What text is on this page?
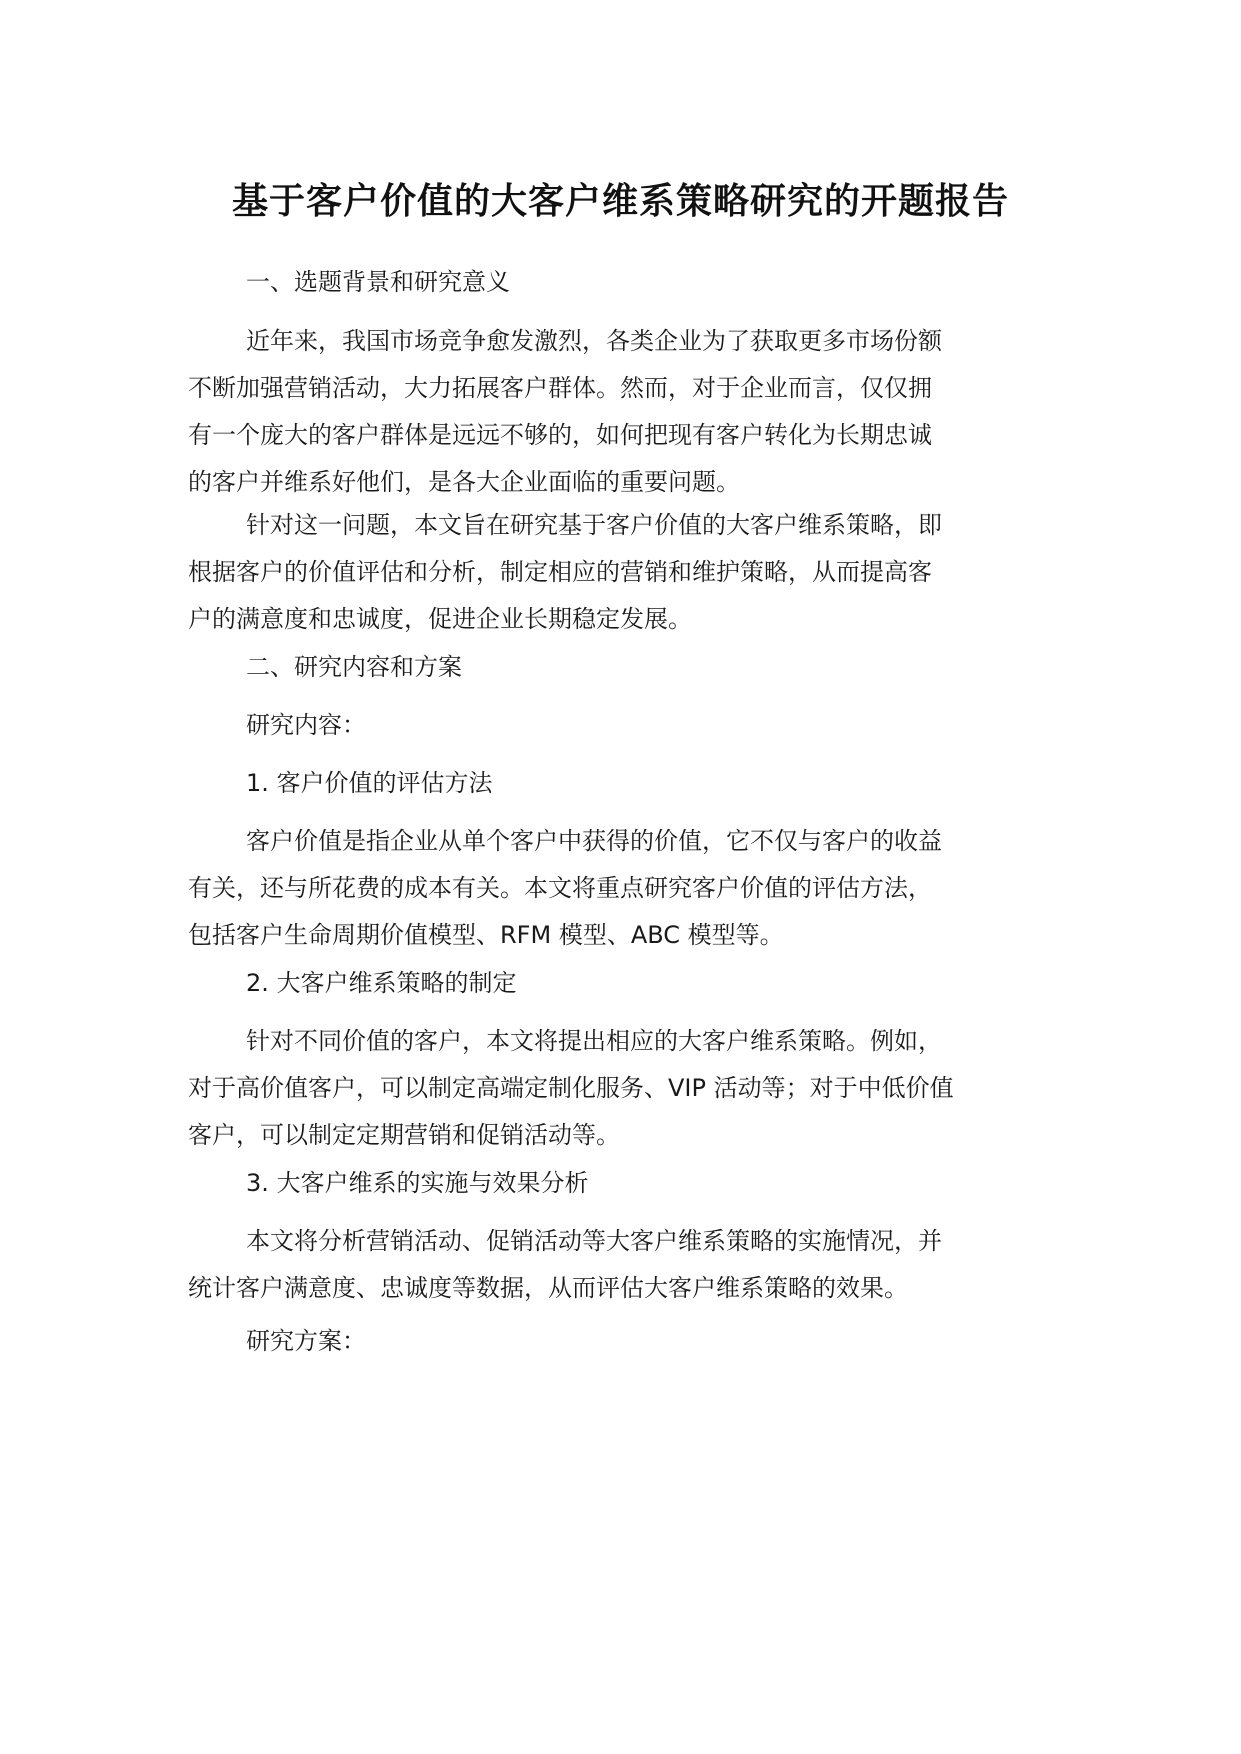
基于客户价值的大客户维系策略研究的开题报告
一、选题背景和研究意义
近年来，我国市场竞争愈发激烈，各类企业为了获取更多市场份额
不断加强营销活动，大力拓展客户群体。然而，对于企业而言，仅仅拥
有一个庞大的客户群体是远远不够的，如何把现有客户转化为长期忠诚
的客户并维系好他们，是各大企业面临的重要问题。
针对这一问题，本文旨在研究基于客户价值的大客户维系策略，即
根据客户的价值评估和分析，制定相应的营销和维护策略，从而提高客
户的满意度和忠诚度，促进企业长期稳定发展。
二、研究内容和方案
研究内容：
1. 客户价值的评估方法
客户价值是指企业从单个客户中获得的价值，它不仅与客户的收益
有关，还与所花费的成本有关。本文将重点研究客户价值的评估方法，
包括客户生命周期价值模型、RFM 模型、ABC 模型等。
2. 大客户维系策略的制定
针对不同价值的客户，本文将提出相应的大客户维系策略。例如，
对于高价值客户，可以制定高端定制化服务、VIP 活动等；对于中低价值
客户，可以制定定期营销和促销活动等。
3. 大客户维系的实施与效果分析
本文将分析营销活动、促销活动等大客户维系策略的实施情况，并
统计客户满意度、忠诚度等数据，从而评估大客户维系策略的效果。
研究方案：
